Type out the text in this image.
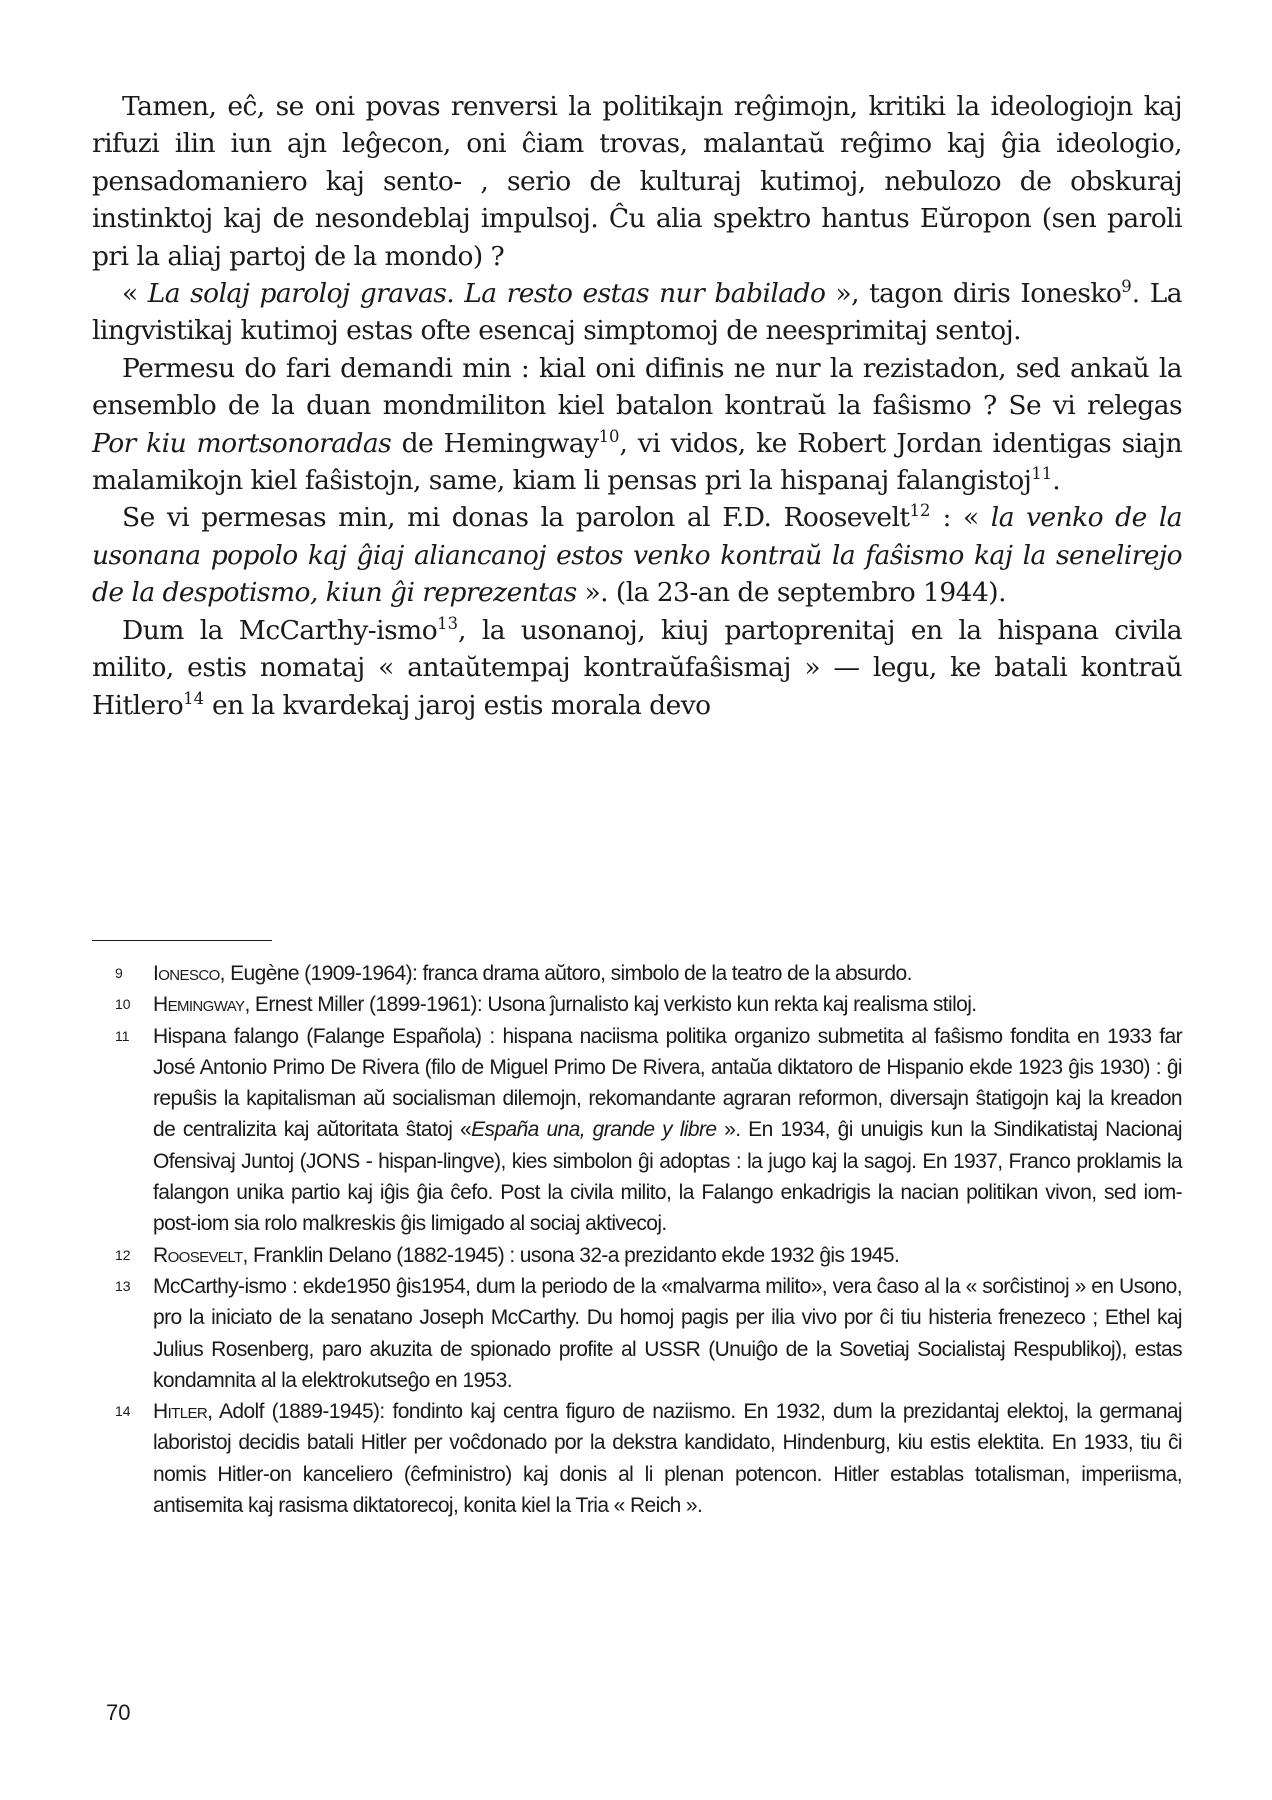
Tamen, eĉ, se oni povas renversi la politikajn reĝimojn, kritiki la ideologiojn kaj rifuzi ilin iun ajn leĝecon, oni ĉiam trovas, malantaŭ reĝimo kaj ĝia ideologio, pensadomaniero kaj sento- , serio de kulturaj kutimoj, nebulozo de obskuraj instinktoj kaj de nesondeblaj impulsoj. Ĉu alia spektro hantus Eŭropon (sen paroli pri la aliaj partoj de la mondo) ?

« La solaj paroloj gravas. La resto estas nur babilado », tagon diris Ionesko$^9$. La lingvistikaj kutimoj estas ofte esencaj simptomoj de neesprimitaj sentoj.

Permesu do fari demandi min : kial oni difinis ne nur la rezistadon, sed ankaŭ la ensemblo de la duan mondmiliton kiel batalon kontraŭ la faŝismo ? Se vi relegas Por kiu mortsonoradas de Hemingway$^{10}$, vi vidos, ke Robert Jordan identigas siajn malamikojn kiel faŝistojn, same, kiam li pensas pri la hispanaj falangistoj$^{11}$.

Se vi permesas min, mi donas la parolon al F.D. Roosevelt$^{12}$ : « la venko de la usonana popolo kaj ĝiaj aliancanoj estos venko kontraŭ la faŝismo kaj la senelirejo de la despotismo, kiun ĝi reprezentas ». (la 23-an de septembro 1944).

Dum la McCarthy-ismo$^{13}$, la usonanoj, kiuj partoprenitaj en la hispana civila milito, estis nomataj « antaŭtempaj kontraŭfaŝismaj » — legu, ke batali kontraŭ Hitlero$^{14}$ en la kvardekaj jaroj estis morala devo

9	Ionesco, Eugène (1909-1964): franca drama aŭtoro, simbolo de la teatro de la absurdo.
10	Hemingway, Ernest Miller (1899-1961): Usona ĵurnalisto kaj verkisto kun rekta kaj realisma stiloj.
11	Hispana falango (Falange Española) : hispana naciisma politika organizo submetita al faŝismo fondita en 1933 far José Antonio Primo De Rivera (filo de Miguel Primo De Rivera, antaŭa diktatoro de Hispanio ekde 1923 ĝis 1930) : ĝi repuŝis la kapitalisman aŭ socialisman dilemojn, rekomandante agraran reformon, diversajn ŝtatigojn kaj la kreadon de centralizita kaj aŭtoritata ŝtatoj «España una, grande y libre ». En 1934, ĝi unuigis kun la Sindikatistaj Nacionaj Ofensivaj Juntoj (JONS - hispan-lingve), kies simbolon ĝi adoptas : la jugo kaj la sagoj. En 1937, Franco proklamis la falangon unika partio kaj iĝis ĝia ĉefo. Post la civila milito, la Falango enkadrigis la nacian politikan vivon, sed iom-post-iom sia rolo malkreskis ĝis limigado al sociaj aktivecoj.
12	Roosevelt, Franklin Delano (1882-1945) : usona 32-a prezidanto ekde 1932 ĝis 1945.
13	McCarthy-ismo : ekde1950 ĝis1954, dum la periodo de la «malvarma milito», vera ĉaso al la « sorĉistinoj » en Usono, pro la iniciato de la senatano Joseph McCarthy. Du homoj pagis per ilia vivo por ĉi tiu histeria frenezeco ; Ethel kaj Julius Rosenberg, paro akuzita de spionado profite al USSR (Unuiĝo de la Sovetiaj Socialistaj Respublikoj), estas kondamnita al la elektrokutseĝo en 1953.
14	Hitler, Adolf (1889-1945): fondinto kaj centra figuro de naziismo. En 1932, dum la prezidantaj elektoj, la germanaj laboristoj decidis batali Hitler per voĉdonado por la dekstra kandidato, Hindenburg, kiu estis elektita. En 1933, tiu ĉi nomis Hitler-on kanceliero (ĉefministro) kaj donis al li plenan potencon. Hitler establas totalisman, imperiisma, antisemita kaj rasisma diktatorecoj, konita kiel la Tria « Reich ».
70
